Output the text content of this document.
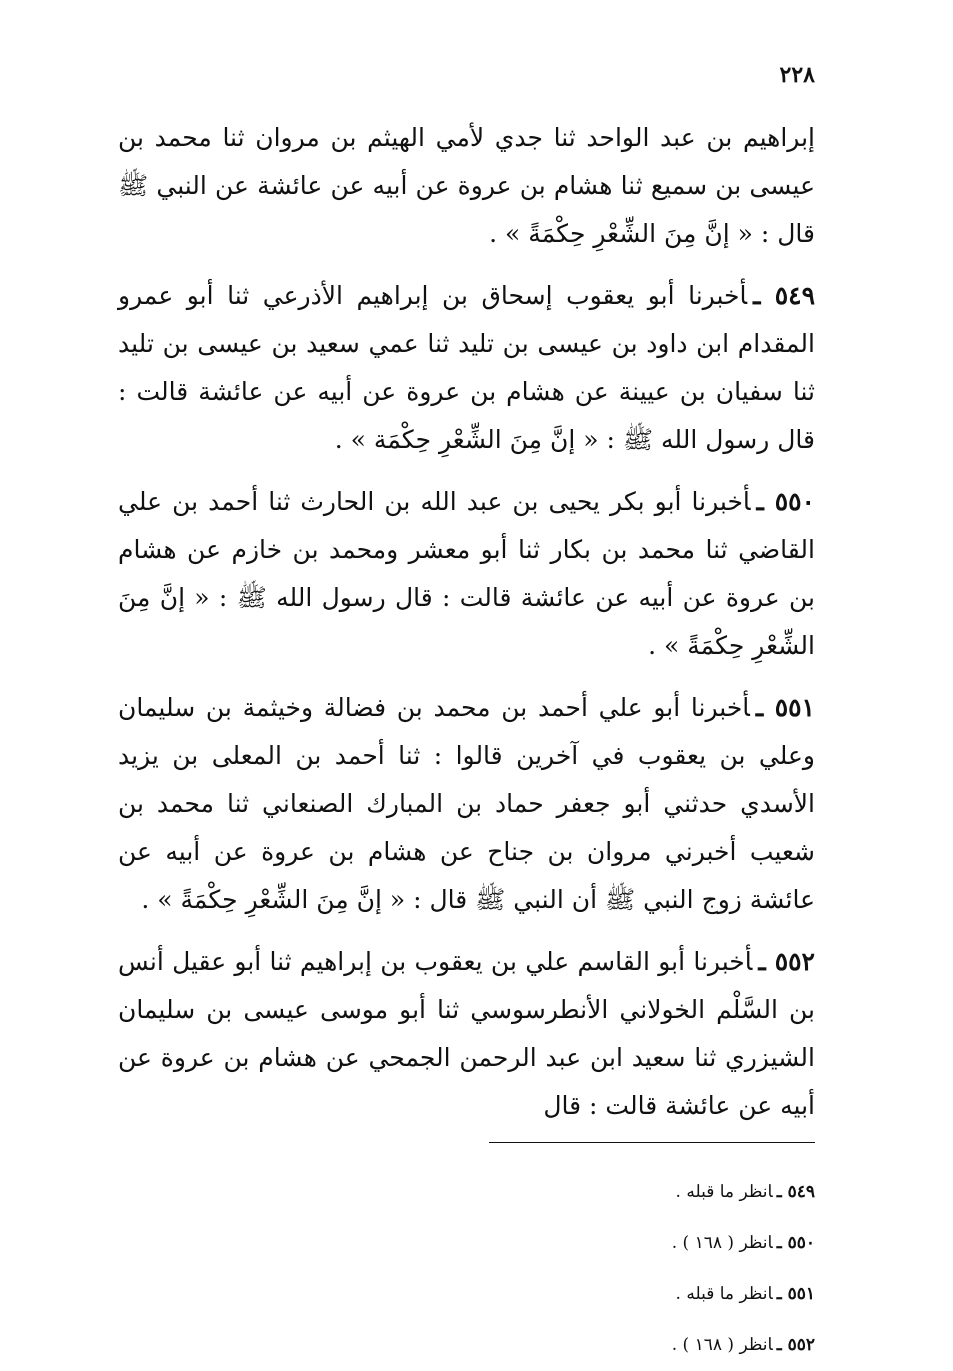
٢٢٨

إبراهيم بن عبد الواحد ثنا جدي لأمي الهيثم بن مروان ثنا محمد بن عيسى بن سميع ثنا هشام بن عروة عن أبيه عن عائشة عن النبي ﷺ قال : « إنَّ مِنَ الشِّعْرِ حِكْمَةً » .

٥٤٩ ـأخبرنا أبو يعقوب إسحاق بن إبراهيم الأذرعي ثنا أبو عمرو المقدام ابن داود بن عيسى بن تليد ثنا عمي سعيد بن عيسى بن تليد ثنا سفيان بن عيينة عن هشام بن عروة عن أبيه عن عائشة قالت : قال رسول الله ﷺ : « إنَّ مِنَ الشِّعْرِ حِكْمَة » .

٥٥٠ ـأخبرنا أبو بكر يحيى بن عبد الله بن الحارث ثنا أحمد بن علي القاضي ثنا محمد بن بكار ثنا أبو معشر ومحمد بن خازم عن هشام بن عروة عن أبيه عن عائشة قالت : قال رسول الله ﷺ : « إنَّ مِنَ الشِّعْرِ حِكْمَةً » .

٥٥١ ـأخبرنا أبو علي أحمد بن محمد بن فضالة وخيثمة بن سليمان وعلي بن يعقوب في آخرين قالوا : ثنا أحمد بن المعلى بن يزيد الأسدي حدثني أبو جعفر حماد بن المبارك الصنعاني ثنا محمد بن شعيب أخبرني مروان بن جناح عن هشام بن عروة عن أبيه عن عائشة زوج النبي ﷺ أن النبي ﷺ قال : « إنَّ مِنَ الشِّعْرِ حِكْمَةً » .

٥٥٢ ـأخبرنا أبو القاسم علي بن يعقوب بن إبراهيم ثنا أبو عقيل أنس بن السَّلْم الخولاني الأنطرسوسي ثنا أبو موسى عيسى بن سليمان الشيزري ثنا سعيد ابن عبد الرحمن الجمحي عن هشام بن عروة عن أبيه عن عائشة قالت : قال

٥٤٩ ـانظر ما قبله .

٥٥٠ ـانظر ( ١٦٨ ) .

٥٥١ ـانظر ما قبله .

٥٥٢ ـانظر ( ١٦٨ ) .
